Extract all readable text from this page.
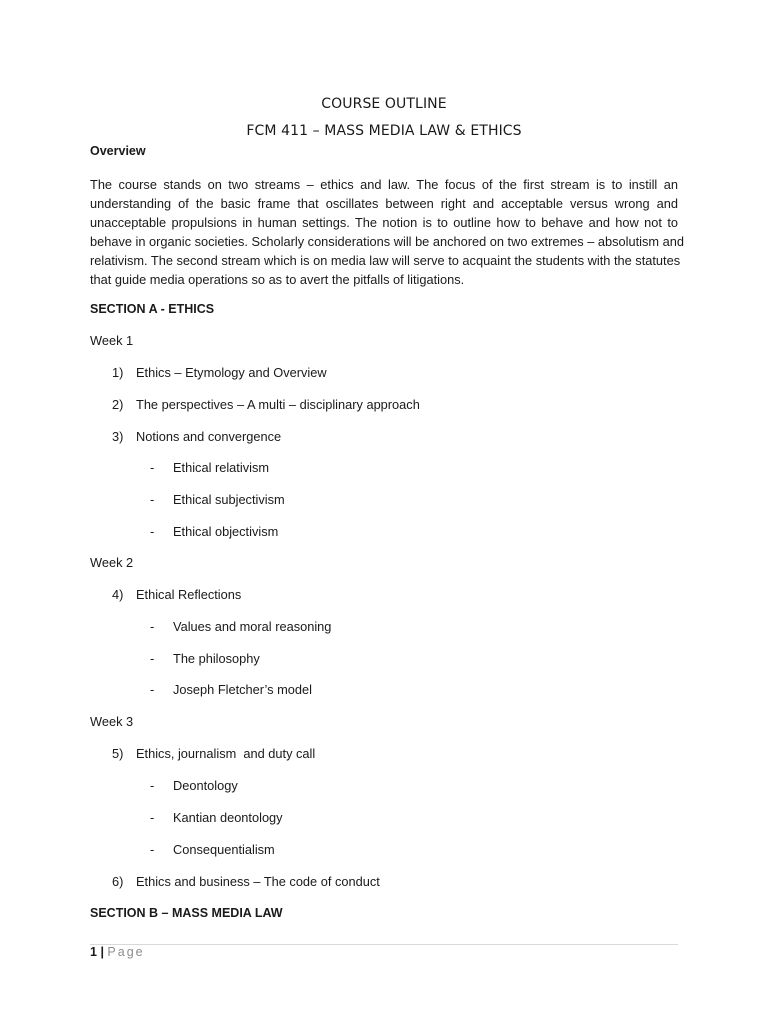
COURSE OUTLINE
FCM 411 – MASS MEDIA LAW & ETHICS
Overview
The course stands on two streams – ethics and law. The focus of the first stream is to instill an
understanding of the basic frame that oscillates between right and acceptable versus wrong and
unacceptable propulsions in human settings. The notion is to outline how to behave and how not to
behave in organic societies. Scholarly considerations will be anchored on two extremes – absolutism and
relativism. The second stream which is on media law will serve to acquaint the students with the statutes
that guide media operations so as to avert the pitfalls of litigations.
SECTION A - ETHICS
Week 1
1) Ethics – Etymology and Overview
2) The perspectives – A multi – disciplinary approach
3) Notions and convergence
- Ethical relativism
- Ethical subjectivism
- Ethical objectivism
Week 2
4) Ethical Reflections
- Values and moral reasoning
- The philosophy
- Joseph Fletcher’s model
Week 3
5) Ethics, journalism  and duty call
- Deontology
- Kantian deontology
- Consequentialism
6) Ethics and business – The code of conduct
SECTION B – MASS MEDIA LAW
1 | Page
